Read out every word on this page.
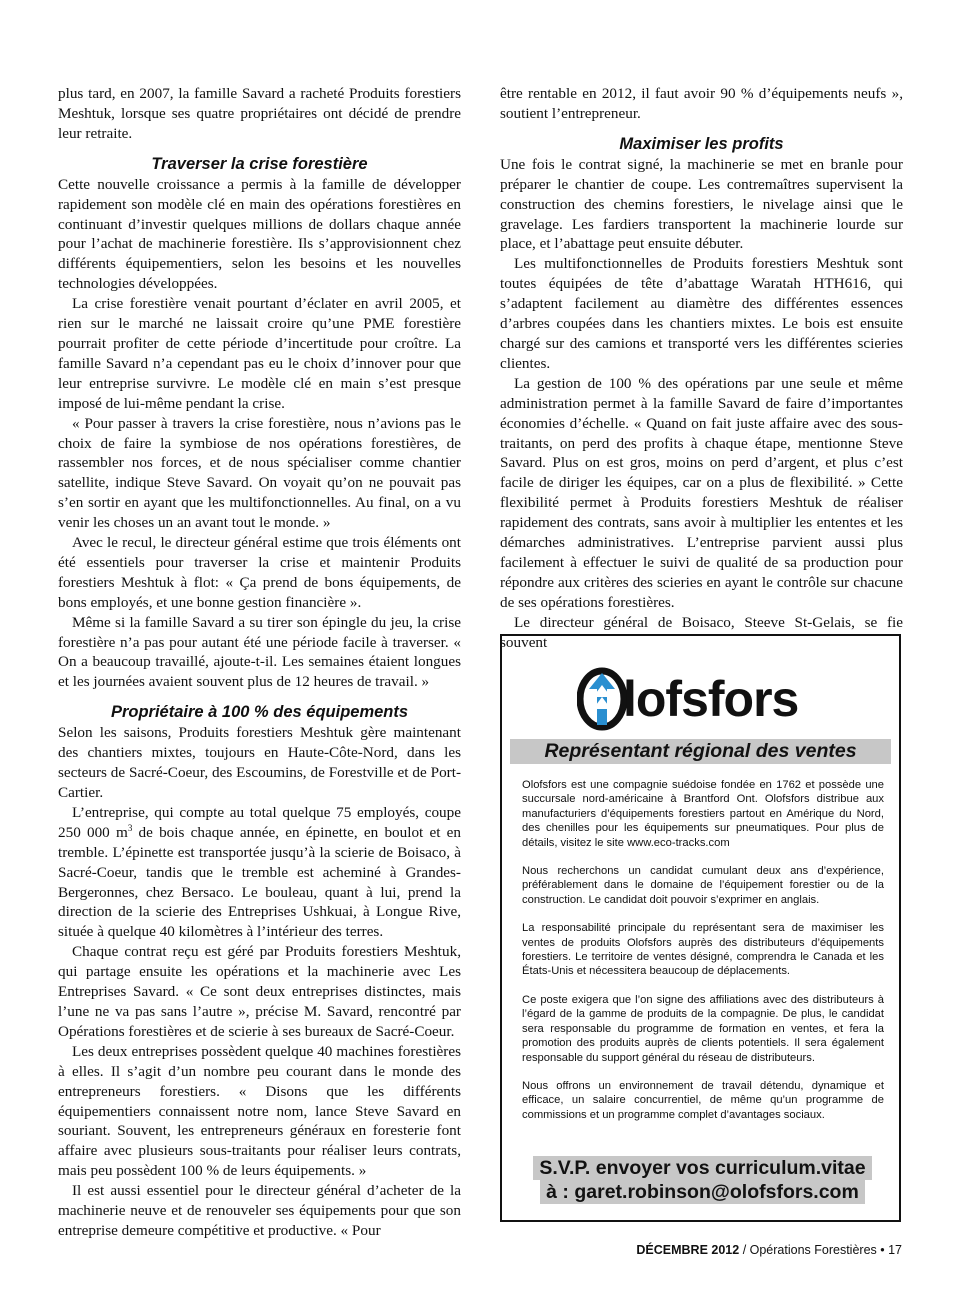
plus tard, en 2007, la famille Savard a racheté Produits forestiers Meshtuk, lorsque ses quatre propriétaires ont décidé de prendre leur retraite.

Traverser la crise forestière

Cette nouvelle croissance a permis à la famille de développer rapidement son modèle clé en main des opérations forestières en continuant d’investir quelques millions de dollars chaque année pour l’achat de machinerie forestière. Ils s’approvisionnent chez différents équipementiers, selon les besoins et les nouvelles technologies développées.

La crise forestière venait pourtant d’éclater en avril 2005, et rien sur le marché ne laissait croire qu’une PME forestière pourrait profiter de cette période d’incertitude pour croître. La famille Savard n’a cependant pas eu le choix d’innover pour que leur entreprise survivre. Le modèle clé en main s’est presque imposé de lui-même pendant la crise.

« Pour passer à travers la crise forestière, nous n’avions pas le choix de faire la symbiose de nos opérations forestières, de rassembler nos forces, et de nous spécialiser comme chantier satellite, indique Steve Savard. On voyait qu’on ne pouvait pas s’en sortir en ayant que les multifonctionnelles. Au final, on a vu venir les choses un an avant tout le monde. »

Avec le recul, le directeur général estime que trois éléments ont été essentiels pour traverser la crise et maintenir Produits forestiers Meshtuk à flot: « Ça prend de bons équipements, de bons employés, et une bonne gestion financière ».

Même si la famille Savard a su tirer son épingle du jeu, la crise forestière n’a pas pour autant été une période facile à traverser. « On a beaucoup travaillé, ajoute-t-il. Les semaines étaient longues et les journées avaient souvent plus de 12 heures de travail. »

Propriétaire à 100 % des équipements

Selon les saisons, Produits forestiers Meshtuk gère maintenant des chantiers mixtes, toujours en Haute-Côte-Nord, dans les secteurs de Sacré-Coeur, des Escoumins, de Forestville et de Port-Cartier.

L’entreprise, qui compte au total quelque 75 employés, coupe 250 000 $m^3$ de bois chaque année, en épinette, en boulot et en tremble. L’épinette est transportée jusqu’à la scierie de Boisaco, à Sacré-Coeur, tandis que le tremble est acheminé à Grandes-Bergeronnes, chez Bersaco. Le bouleau, quant à lui, prend la direction de la scierie des Entreprises Ushkuai, à Longue Rive, située à quelque 40 kilomètres à l’intérieur des terres.

Chaque contrat reçu est géré par Produits forestiers Meshtuk, qui partage ensuite les opérations et la machinerie avec Les Entreprises Savard. « Ce sont deux entreprises distinctes, mais l’une ne va pas sans l’autre », précise M. Savard, rencontré par Opérations forestières et de scierie à ses bureaux de Sacré-Coeur.

Les deux entreprises possèdent quelque 40 machines forestières à elles. Il s’agit d’un nombre peu courant dans le monde des entrepreneurs forestiers. « Disons que les différents équipementiers connaissent notre nom, lance Steve Savard en souriant. Souvent, les entrepreneurs généraux en foresterie font affaire avec plusieurs sous-traitants pour réaliser leurs contrats, mais peu possèdent 100 % de leurs équipements. »

Il est aussi essentiel pour le directeur général d’acheter de la machinerie neuve et de renouveler ses équipements pour que son entreprise demeure compétitive et productive. « Pour

être rentable en 2012, il faut avoir 90 % d’équipements neufs », soutient l’entrepreneur.

Maximiser les profits

Une fois le contrat signé, la machinerie se met en branle pour préparer le chantier de coupe. Les contremaîtres supervisent la construction des chemins forestiers, le nivelage ainsi que le gravelage. Les fardiers transportent la machinerie lourde sur place, et l’abattage peut ensuite débuter.

Les multifonctionnelles de Produits forestiers Meshtuk sont toutes équipées de tête d’abattage Waratah HTH616, qui s’adaptent facilement au diamètre des différentes essences d’arbres coupées dans les chantiers mixtes. Le bois est ensuite chargé sur des camions et transporté vers les différentes scieries clientes.

La gestion de 100 % des opérations par une seule et même administration permet à la famille Savard de faire d’importantes économies d’échelle. « Quand on fait juste affaire avec des sous-traitants, on perd des profits à chaque étape, mentionne Steve Savard. Plus on est gros, moins on perd d’argent, et plus c’est facile de diriger les équipes, car on a plus de flexibilité. » Cette flexibilité permet à Produits forestiers Meshtuk de réaliser rapidement des contrats, sans avoir à multiplier les ententes et les démarches administratives. L’entreprise parvient aussi plus facilement à effectuer le suivi de qualité de sa production pour répondre aux critères des scieries en ayant le contrôle sur chacune de ses opérations forestières.

Le directeur général de Boisaco, Steeve St-Gelais, se fie souvent

lofsfors
Représentant régional des ventes

Olofsfors est une compagnie suédoise fondée en 1762 et possède une succursale nord-américaine à Brantford Ont. Olofsfors distribue aux manufacturiers d’équipements forestiers partout en Amérique du Nord, des chenilles pour les équipements sur pneumatiques. Pour plus de détails, visitez le site www.eco-tracks.com

Nous recherchons un candidat cumulant deux ans d’expérience, préférablement dans le domaine de l’équipement forestier ou de la construction. Le candidat doit pouvoir s’exprimer en anglais.

La responsabilité principale du représentant sera de maximiser les ventes de produits Olofsfors auprès des distributeurs d’équipements forestiers. Le territoire de ventes désigné, comprendra le Canada et les États-Unis et nécessitera beaucoup de déplacements.

Ce poste exigera que l’on signe des affiliations avec des distributeurs à l’égard de la gamme de produits de la compagnie. De plus, le candidat sera responsable du programme de formation en ventes, et fera la promotion des produits auprès de clients potentiels. Il sera également responsable du support général du réseau de distributeurs.

Nous offrons un environnement de travail détendu, dynamique et efficace, un salaire concurrentiel, de même qu’un programme de commissions et un programme complet d’avantages sociaux.

S.V.P. envoyer vos curriculum.vitae
à : garet.robinson@olofsfors.com
DÉCEMBRE 2012 / Opérations Forestières • 17
